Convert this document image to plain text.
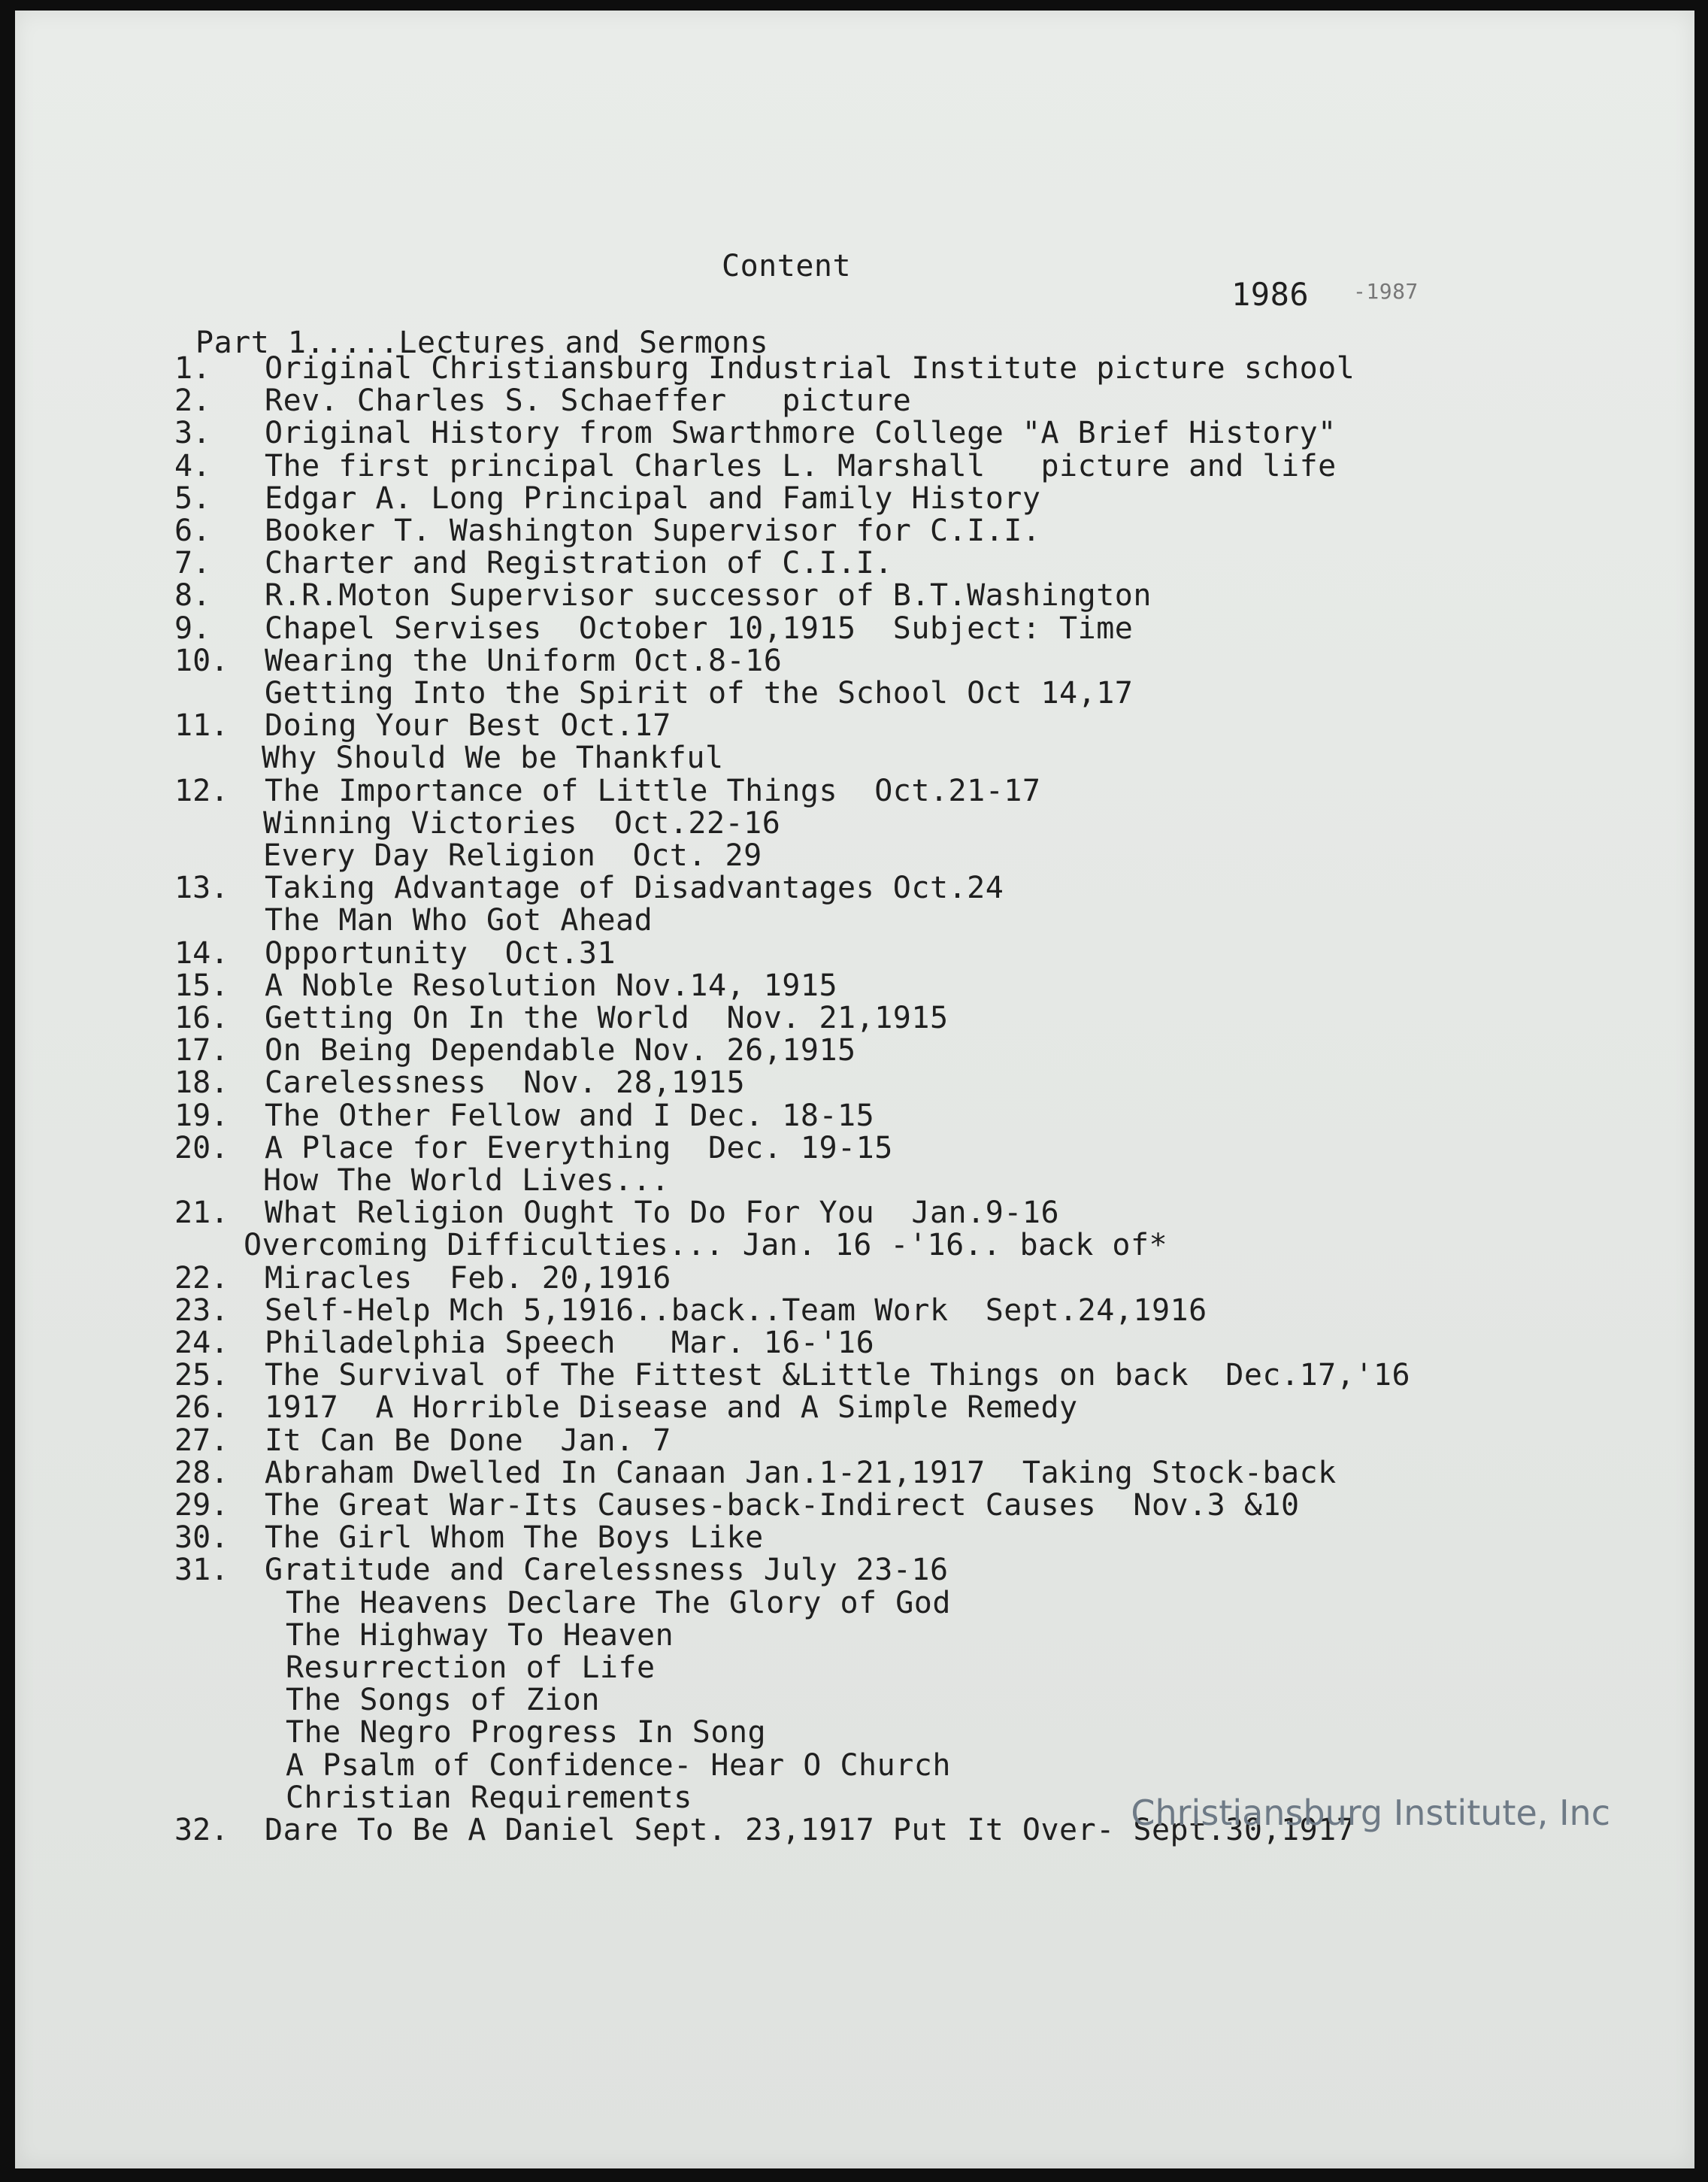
Content
1986 -1987
Part 1.....Lectures and Sermons
1.	Original Christiansburg Industrial Institute picture school
2.	Rev. Charles S. Schaeffer   picture
3.	Original History from Swarthmore College "A Brief History"
4.	The first principal Charles L. Marshall   picture and life
5.	Edgar A. Long Principal and Family History
6.	Booker T. Washington Supervisor for C.I.I.
7.	Charter and Registration of C.I.I.
8.	R.R.Moton Supervisor successor of B.T.Washington
9.	Chapel Servises  October 10,1915  Subject: Time
10.	Wearing the Uniform Oct.8-16
Getting Into the Spirit of the School Oct 14,17
11.	Doing Your Best Oct.17
Why Should We be Thankful
12.	The Importance of Little Things  Oct.21-17
Winning Victories  Oct.22-16
Every Day Religion  Oct. 29
13.	Taking Advantage of Disadvantages Oct.24
The Man Who Got Ahead
14.	Opportunity  Oct.31
15.	A Noble Resolution Nov.14, 1915
16.	Getting On In the World  Nov. 21,1915
17.	On Being Dependable Nov. 26,1915
18.	Carelessness  Nov. 28,1915
19.	The Other Fellow and I Dec. 18-15
20.	A Place for Everything  Dec. 19-15
How The World Lives...
21.	What Religion Ought To Do For You  Jan.9-16
Overcoming Difficulties... Jan. 16 -'16.. back of*
22.	Miracles  Feb. 20,1916
23.	Self-Help Mch 5,1916..back..Team Work  Sept.24,1916
24.	Philadelphia Speech   Mar. 16-'16
25.	The Survival of The Fittest &Little Things on back  Dec.17,'16
26.	1917  A Horrible Disease and A Simple Remedy
27.	It Can Be Done  Jan. 7
28.	Abraham Dwelled In Canaan Jan.1-21,1917  Taking Stock-back
29.	The Great War-Its Causes-back-Indirect Causes  Nov.3 &10
30.	The Girl Whom The Boys Like
31.	Gratitude and Carelessness July 23-16
The Heavens Declare The Glory of God
The Highway To Heaven
Resurrection of Life
The Songs of Zion
The Negro Progress In Song
A Psalm of Confidence- Hear O Church
Christian Requirements
32.	Dare To Be A Daniel Sept. 23,1917 Put It Over- Sept.30,1917
Christiansburg Institute, Inc
